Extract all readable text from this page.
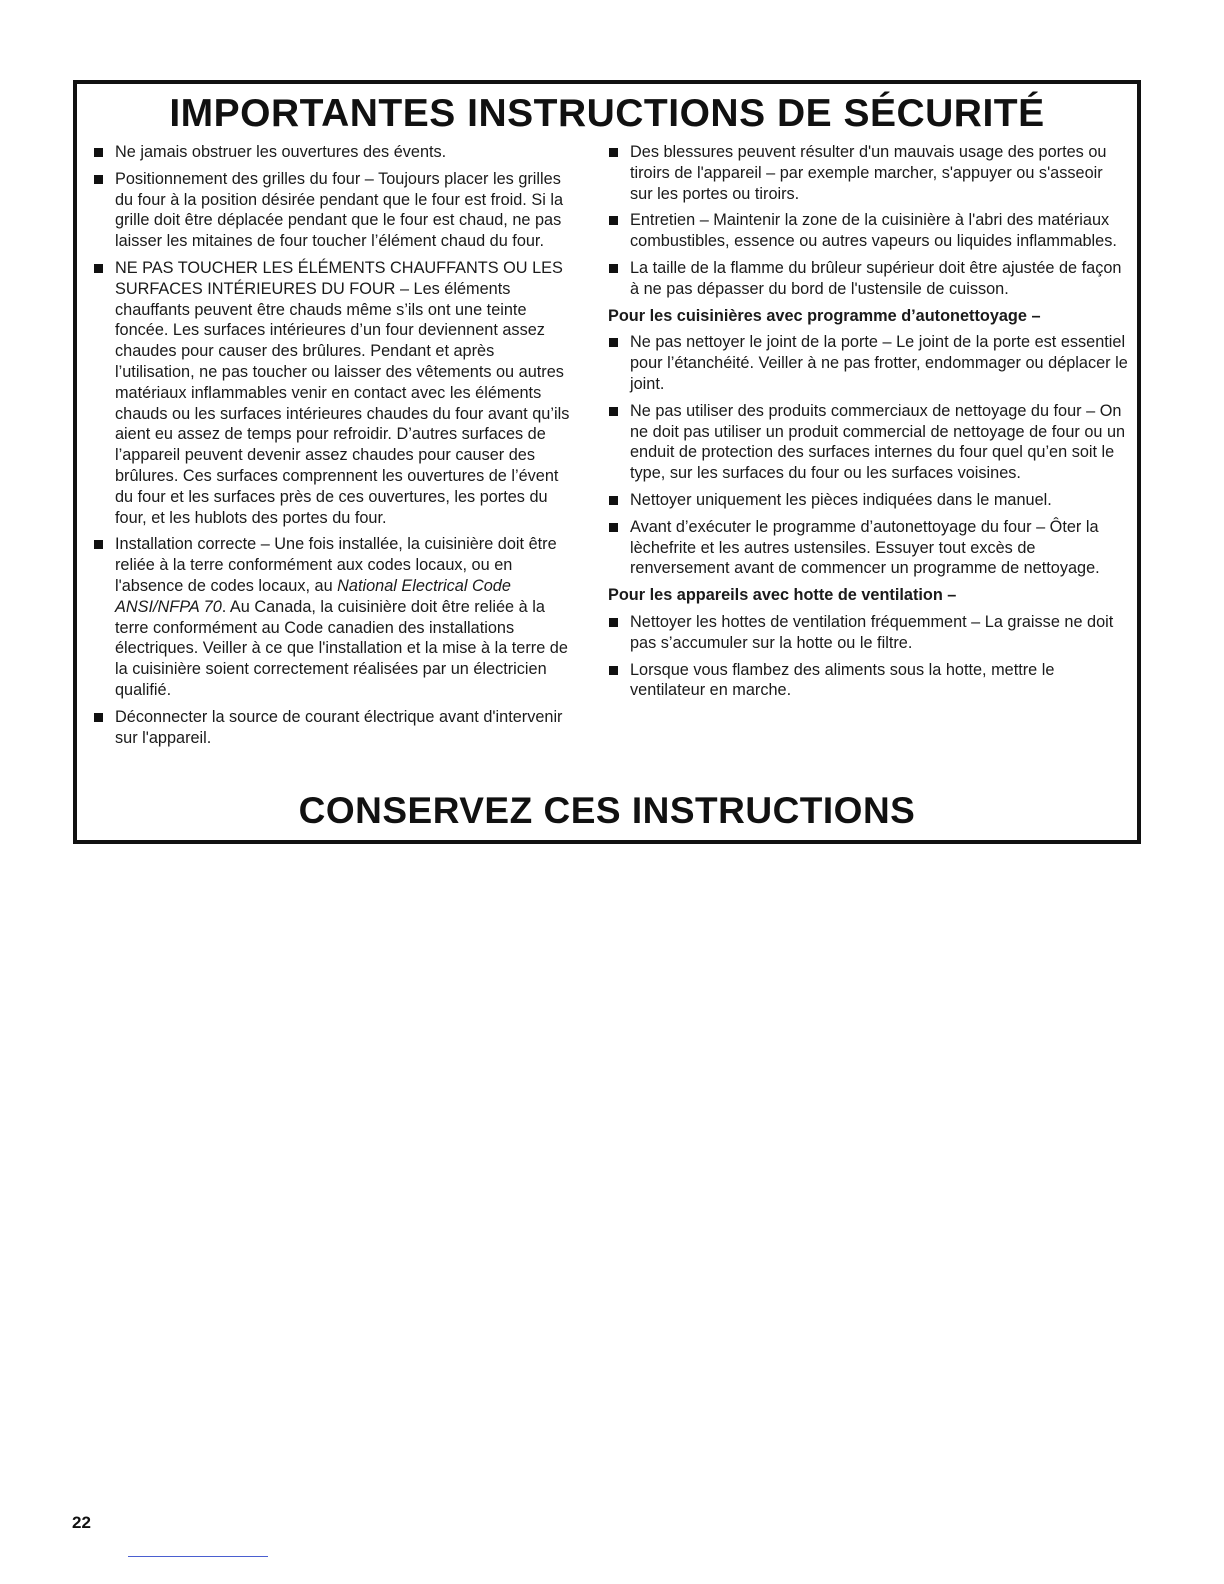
IMPORTANTES INSTRUCTIONS DE SÉCURITÉ
Ne jamais obstruer les ouvertures des évents.
Positionnement des grilles du four – Toujours placer les grilles du four à la position désirée pendant que le four est froid. Si la grille doit être déplacée pendant que le four est chaud, ne pas laisser les mitaines de four toucher l’élément chaud du four.
NE PAS TOUCHER LES ÉLÉMENTS CHAUFFANTS OU LES SURFACES INTÉRIEURES DU FOUR – Les éléments chauffants peuvent être chauds même s’ils ont une teinte foncée. Les surfaces intérieures d’un four deviennent assez chaudes pour causer des brûlures. Pendant et après l’utilisation, ne pas toucher ou laisser des vêtements ou autres matériaux inflammables venir en contact avec les éléments chauds ou les surfaces intérieures chaudes du four avant qu’ils aient eu assez de temps pour refroidir. D’autres surfaces de l’appareil peuvent devenir assez chaudes pour causer des brûlures. Ces surfaces comprennent les ouvertures de l’évent du four et les surfaces près de ces ouvertures, les portes du four, et les hublots des portes du four.
Installation correcte – Une fois installée, la cuisinière doit être reliée à la terre conformément aux codes locaux, ou en l'absence de codes locaux, au National Electrical Code ANSI/NFPA 70. Au Canada, la cuisinière doit être reliée à la terre conformément au Code canadien des installations électriques. Veiller à ce que l'installation et la mise à la terre de la cuisinière soient correctement réalisées par un électricien qualifié.
Déconnecter la source de courant électrique avant d'intervenir sur l'appareil.
Des blessures peuvent résulter d'un mauvais usage des portes ou tiroirs de l'appareil – par exemple marcher, s'appuyer ou s'asseoir sur les portes ou tiroirs.
Entretien – Maintenir la zone de la cuisinière à l'abri des matériaux combustibles, essence ou autres vapeurs ou liquides inflammables.
La taille de la flamme du brûleur supérieur doit être ajustée de façon à ne pas dépasser du bord de l'ustensile de cuisson.

Pour les cuisinières avec programme d’autonettoyage –

Ne pas nettoyer le joint de la porte – Le joint de la porte est essentiel pour l’étanchéité. Veiller à ne pas frotter, endommager ou déplacer le joint.
Ne pas utiliser des produits commerciaux de nettoyage du four – On ne doit pas utiliser un produit commercial de nettoyage de four ou un enduit de protection des surfaces internes du four quel qu’en soit le type, sur les surfaces du four ou les surfaces voisines.
Nettoyer uniquement les pièces indiquées dans le manuel.
Avant d’exécuter le programme d’autonettoyage du four – Ôter la lèchefrite et les autres ustensiles. Essuyer tout excès de renversement avant de commencer un programme de nettoyage.

Pour les appareils avec hotte de ventilation –

Nettoyer les hottes de ventilation fréquemment – La graisse ne doit pas s’accumuler sur la hotte ou le filtre.
Lorsque vous flambez des aliments sous la hotte, mettre le ventilateur en marche.
CONSERVEZ CES INSTRUCTIONS

22
